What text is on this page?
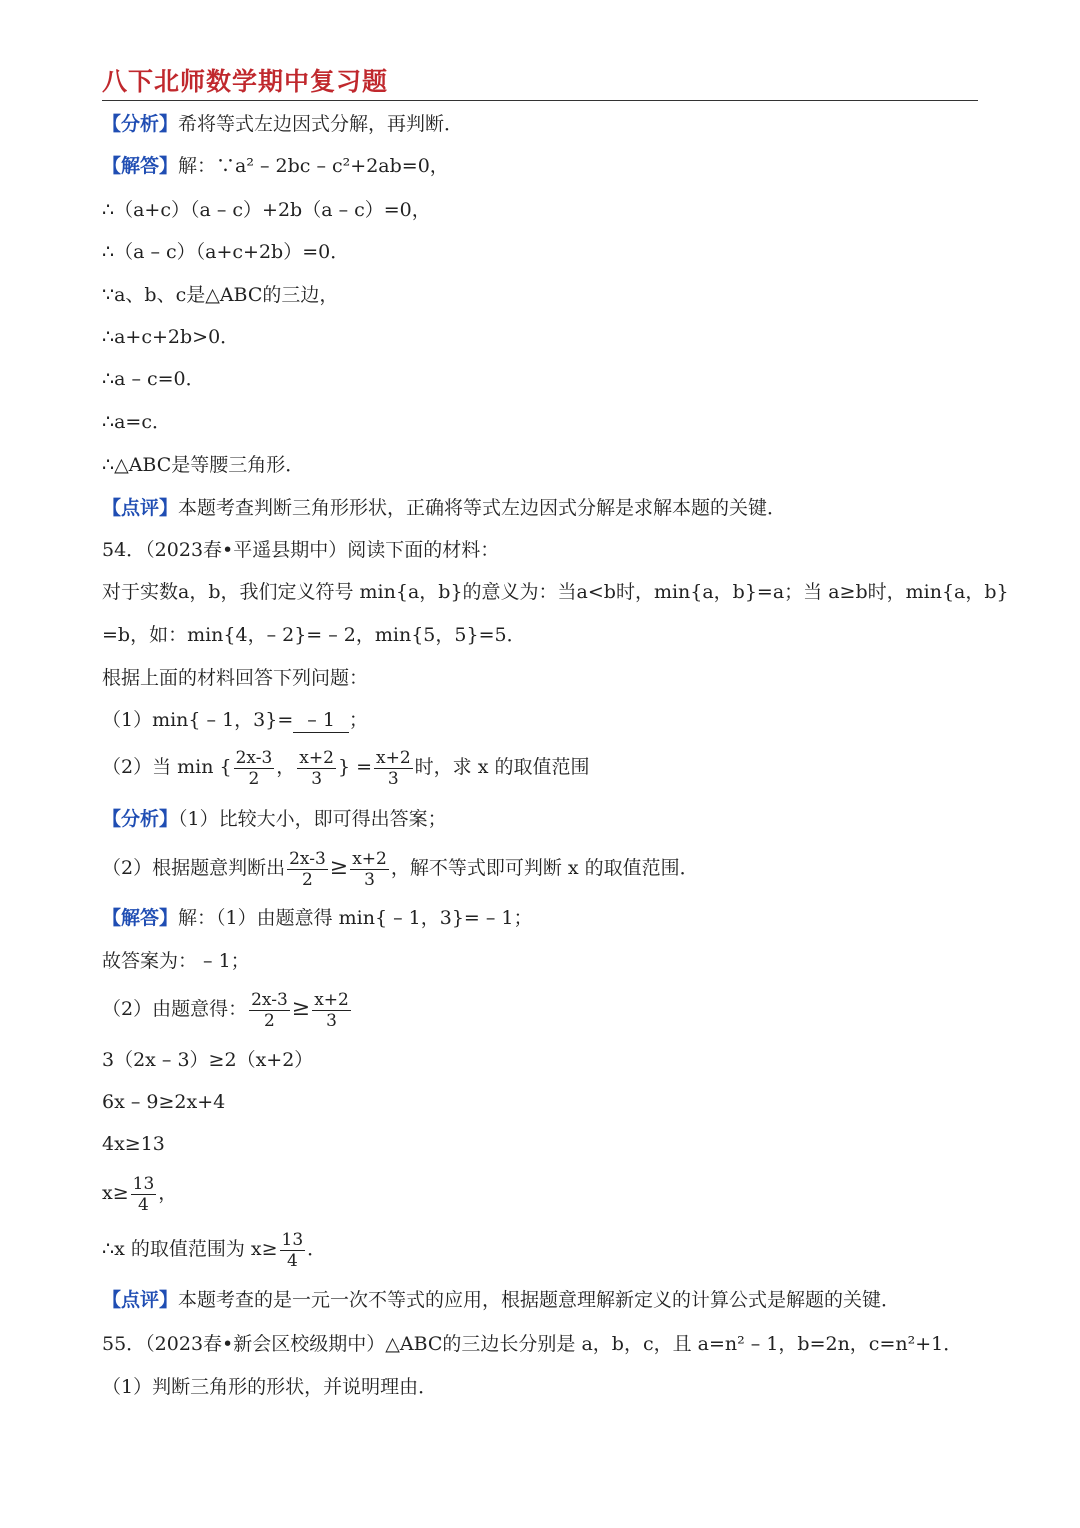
八下北师数学期中复习题
【分析】希将等式左边因式分解，再判断．
【解答】解：∵a² – 2bc – c²+2ab=0，
∴（a+c）（a – c）+2b（a – c）=0，
∴（a – c）（a+c+2b）=0．
∵a、b、c是△ABC的三边，
∴a+c+2b>0．
∴a – c=0．
∴a=c．
∴△ABC是等腰三角形．
【点评】本题考查判断三角形形状，正确将等式左边因式分解是求解本题的关键．
54．（2023春•平遥县期中）阅读下面的材料：
对于实数a，b，我们定义符号 min{a，b}的意义为：当a<b时，min{a，b}=a；当 a≥b时，min{a，b}
=b，如：min{4，– 2}= – 2，min{5，5}=5．
根据上面的材料回答下列问题：
（1）min{ – 1，3}= – 1 ；
（2）当 min { $\frac{2x-3}{2}$ ， $\frac{x+2}{3}$ } = $\frac{x+2}{3}$ 时，求 x 的取值范围
【分析】（1）比较大小，即可得出答案；
（2）根据题意判断出 $\frac{2x-3}{2} \ge \frac{x+2}{3}$ ，解不等式即可判断 x 的取值范围．
【解答】解：（1）由题意得 min{ – 1，3}= – 1；
故答案为： – 1；
（2）由题意得： $\frac{2x-3}{2} \ge \frac{x+2}{3}$
3（2x – 3）≥2（x+2）
6x – 9≥2x+4
4x≥13
$x\ge \frac{13}{4}$ ，
∴x 的取值范围为 $x\ge \frac{13}{4}$ ．
【点评】本题考查的是一元一次不等式的应用，根据题意理解新定义的计算公式是解题的关键．
55．（2023春•新会区校级期中）△ABC的三边长分别是 a，b，c，且 a=n² – 1，b=2n，c=n²+1．
（1）判断三角形的形状，并说明理由．
